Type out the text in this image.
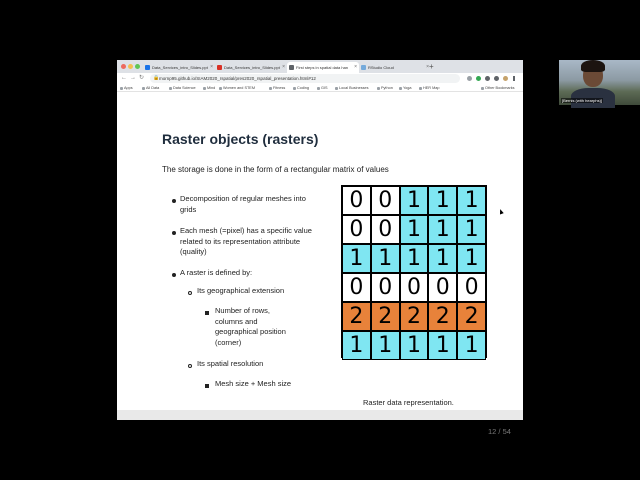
Data_Services_intro_Slides.ppt ×	Data_Services_intro_Slides.ppt ×	First steps in spatial data han ×	RStudio Cloud	× +
← → ↻ 🔒 mornp95.github.io/SIAM2020_rspatial/pres2020_rspatial_presentation.html#12
Apps	All Data	Data Science	Mind	Women and STEM	Fitness	Coding	GIS	Local Businesses	Python	Yoga	HER Map	Other Bookmarks
Raster objects (rasters)
The storage is done in the form of a rectangular matrix of values
Decomposition of regular meshes into grids
Each mesh (=pixel) has a specific value related to its representation attribute (quality)
A raster is defined by:
Its geographical extension
Number of rows, columns and geographical position (corner)
Its spatial resolution
Mesh size + Mesh size
0 0 1 1 1
0 0 1 1 1
1 1 1 1 1
0 0 0 0 0
2 2 2 2 2
1 1 1 1 1
12 / 54
Raster data representation.
[Bernis (with hearphs)]
